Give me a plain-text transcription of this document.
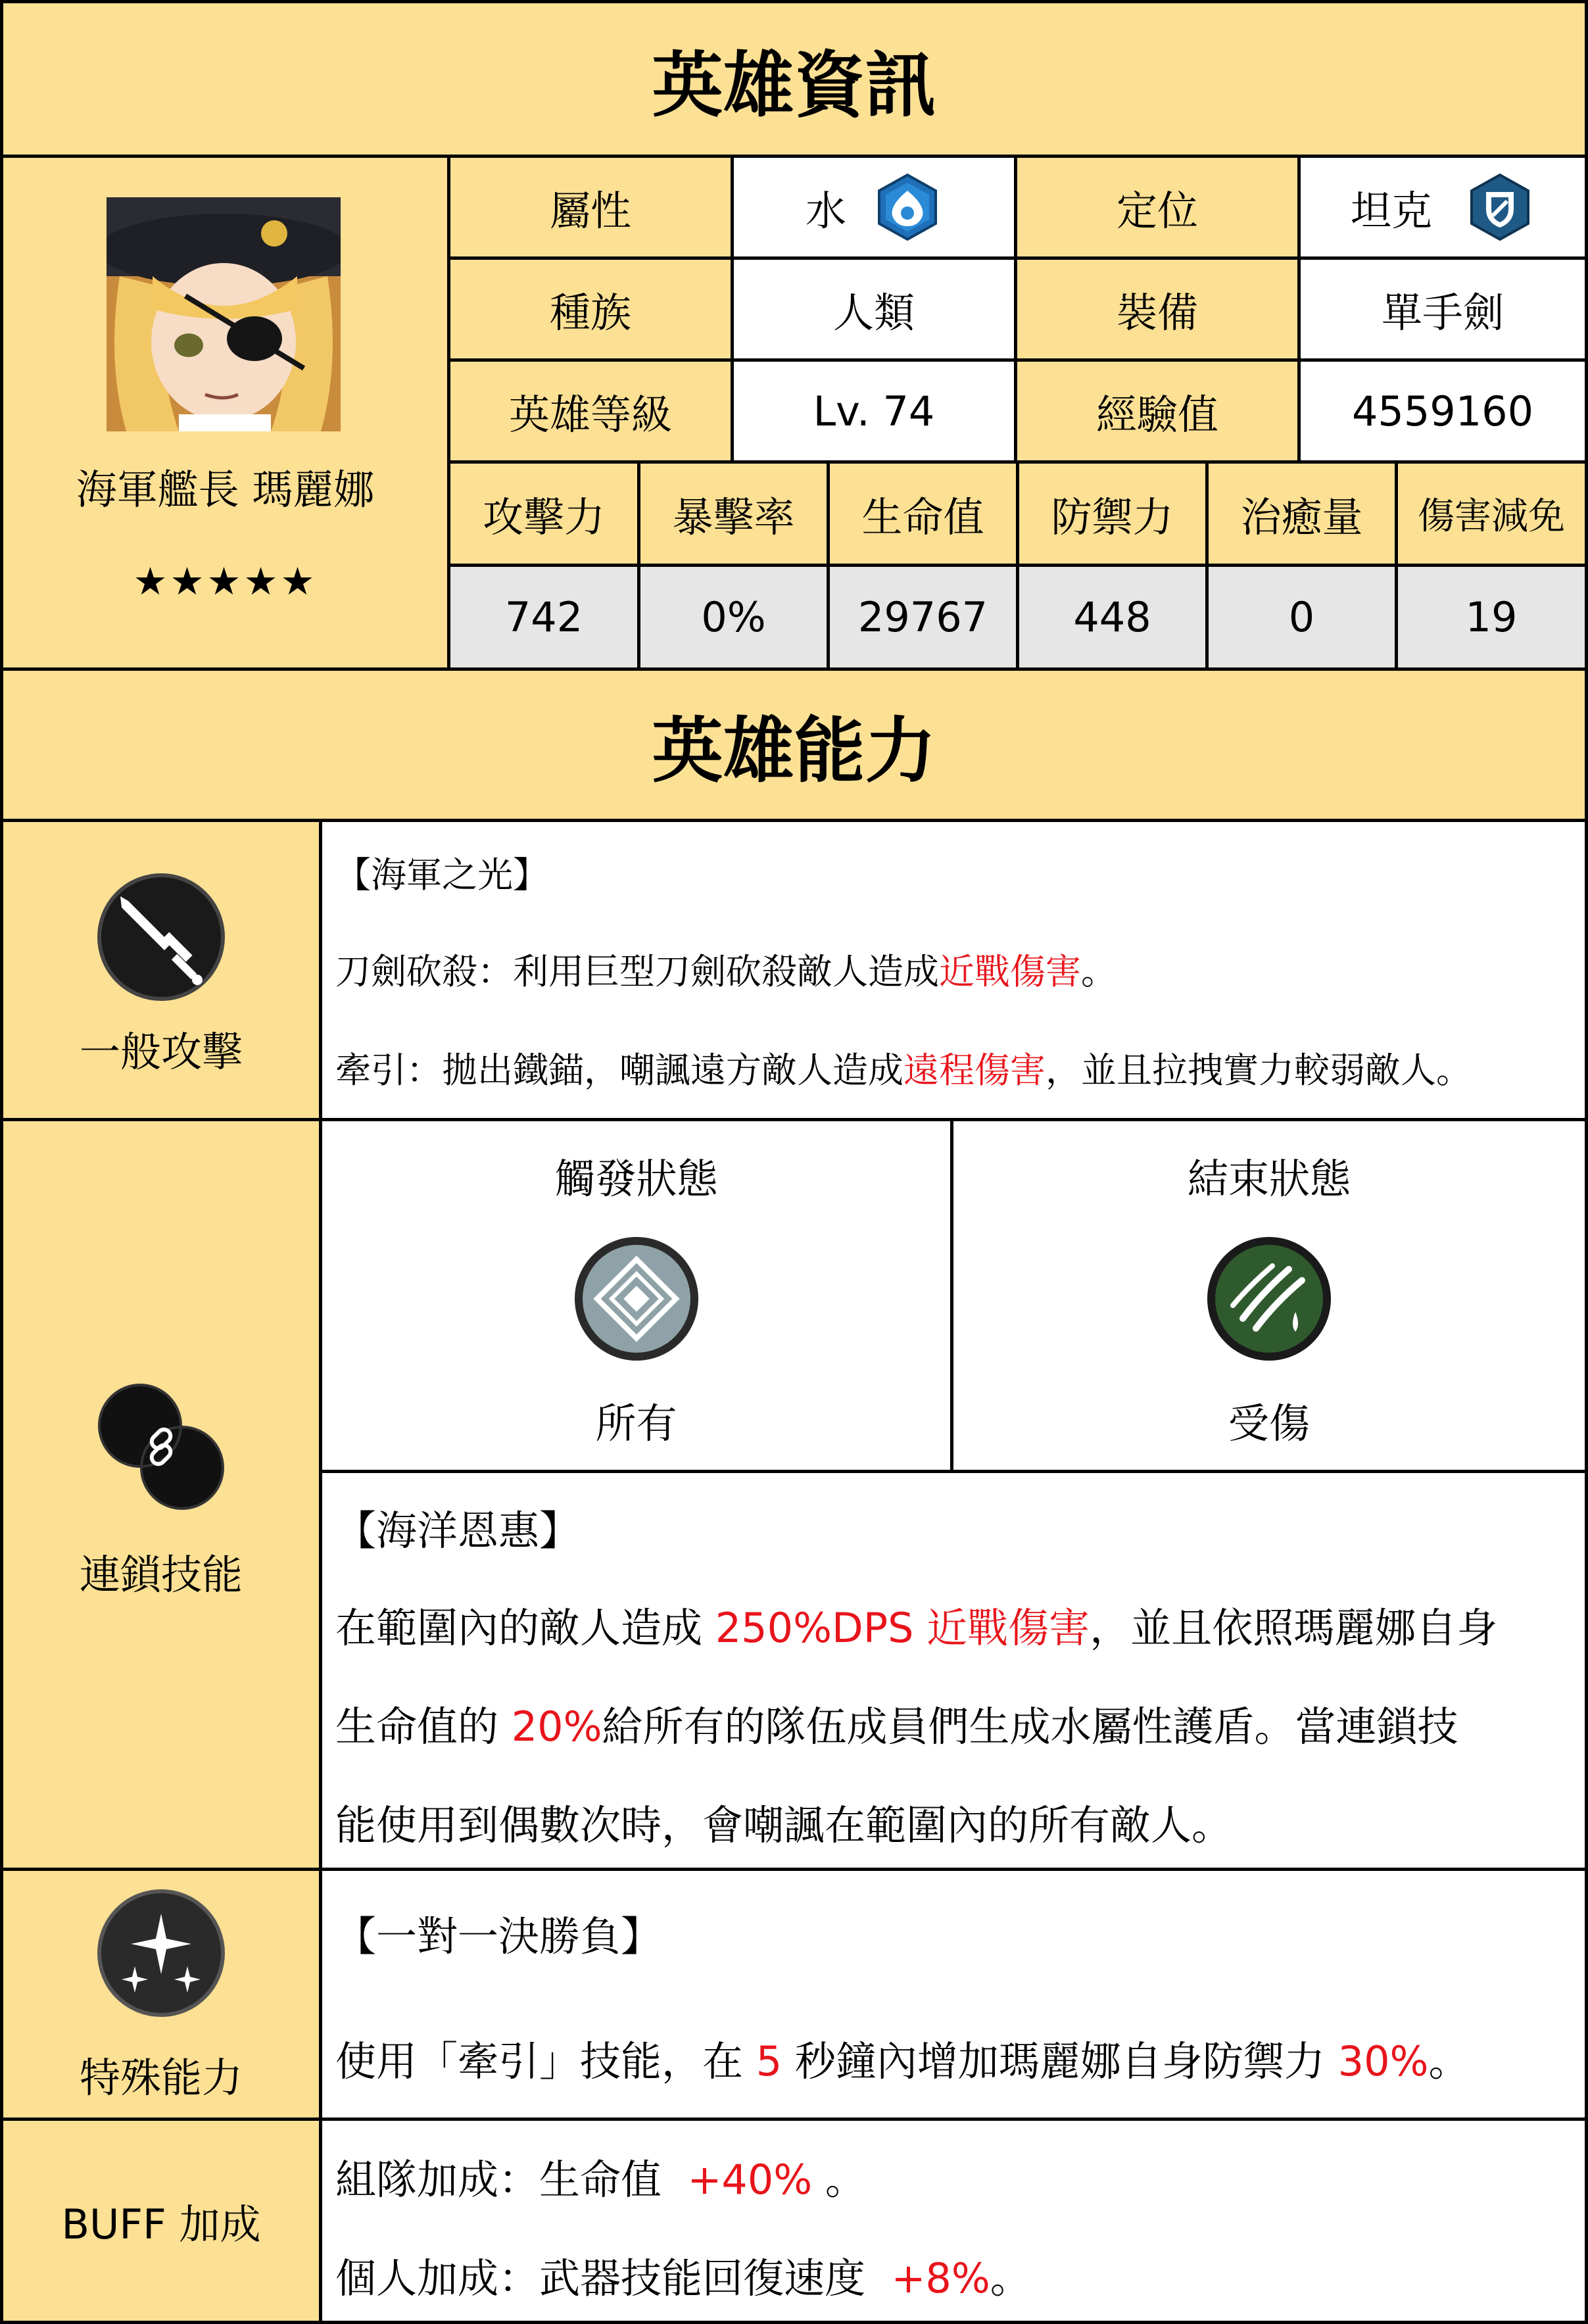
英雄資訊
海軍艦長 瑪麗娜
★★★★★
屬性	水	定位	坦克
種族	人類	裝備	單手劍
英雄等級	Lv. 74	經驗值	4559160
攻擊力 暴擊率 生命值 防禦力 治癒量 傷害減免
742	0% 29767 448	0	19
英雄能力
一般攻擊
【海軍之光】
刀劍砍殺：利用巨型刀劍砍殺敵人造成近戰傷害。
牽引：拋出鐵錨，嘲諷遠方敵人造成遠程傷害，並且拉拽實力較弱敵人。
連鎖技能
觸發狀態
所有
結束狀態
受傷
【海洋恩惠】
在範圍內的敵人造成 250%DPS 近戰傷害，並且依照瑪麗娜自身
生命值的 20%給所有的隊伍成員們生成水屬性護盾。當連鎖技
能使用到偶數次時，會嘲諷在範圍內的所有敵人。
特殊能力
【一對一決勝負】
使用「牽引」技能，在 5 秒鐘內增加瑪麗娜自身防禦力 30%。
BUFF 加成
組隊加成：生命值 +40% 。
個人加成：武器技能回復速度 +8%。
